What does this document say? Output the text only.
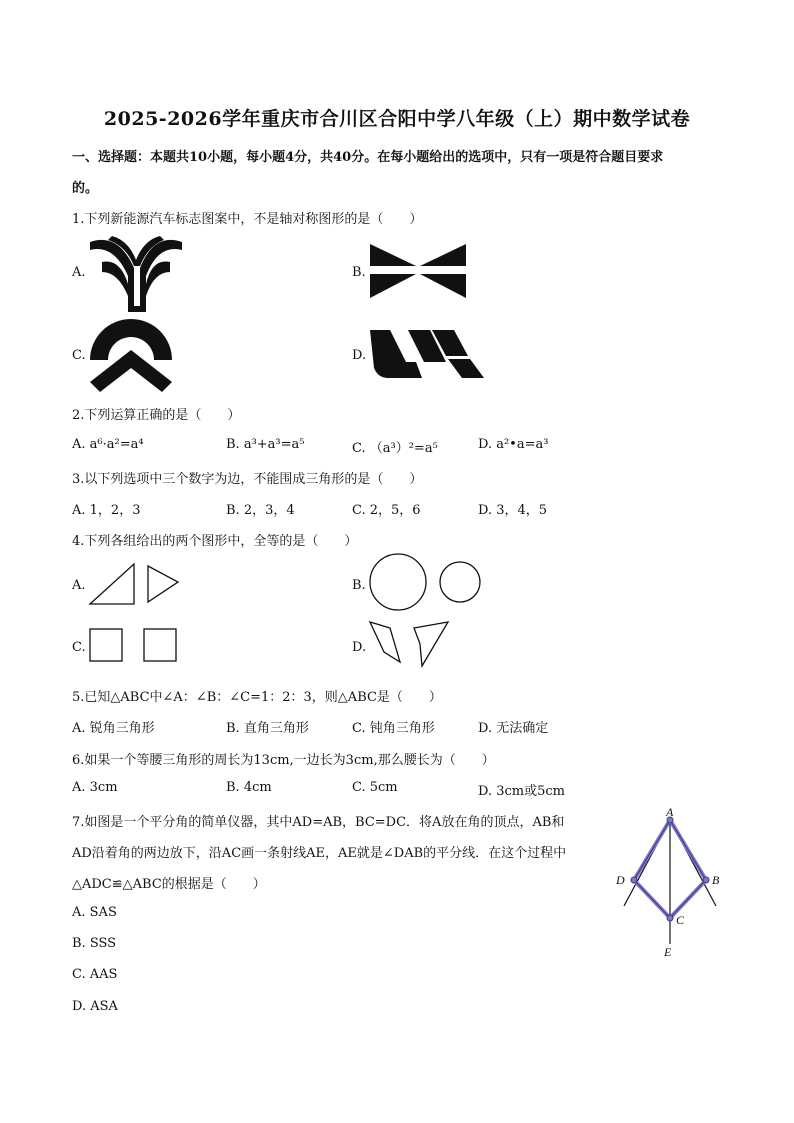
2025-2026学年重庆市合川区合阳中学八年级（上）期中数学试卷
一、选择题：本题共10小题，每小题4分，共40分。在每小题给出的选项中，只有一项是符合题目要求
的。
1.下列新能源汽车标志图案中，不是轴对称图形的是（　　）
A.	B.
C.	D.
2.下列运算正确的是（　　）
A. a⁶·a²=a⁴	B. a³+a³=a⁵	C. （a³）²=a⁵	D. a²•a=a³
3.以下列选项中三个数字为边，不能围成三角形的是（　　）
A. 1，2，3	B. 2，3，4	C. 2，5，6	D. 3，4，5
4.下列各组给出的两个图形中，全等的是（　　）
A.	B.
C.	D.
5.已知△ABC中∠A：∠B：∠C=1：2：3，则△ABC是（　　）
A. 锐角三角形	B. 直角三角形	C. 钝角三角形	D. 无法确定
6.如果一个等腰三角形的周长为13cm,一边长为3cm,那么腰长为（　　）
A. 3cm	B. 4cm	C. 5cm	D. 3cm或5cm
7.如图是一个平分角的简单仪器，其中AD=AB，BC=DC．将A放在角的顶点，AB和
AD沿着角的两边放下，沿AC画一条射线AE，AE就是∠DAB的平分线．在这个过程中
△ADC≌△ABC的根据是（　　）
A. SAS
B. SSS
C. AAS
D. ASA
A
B
C
D
E
